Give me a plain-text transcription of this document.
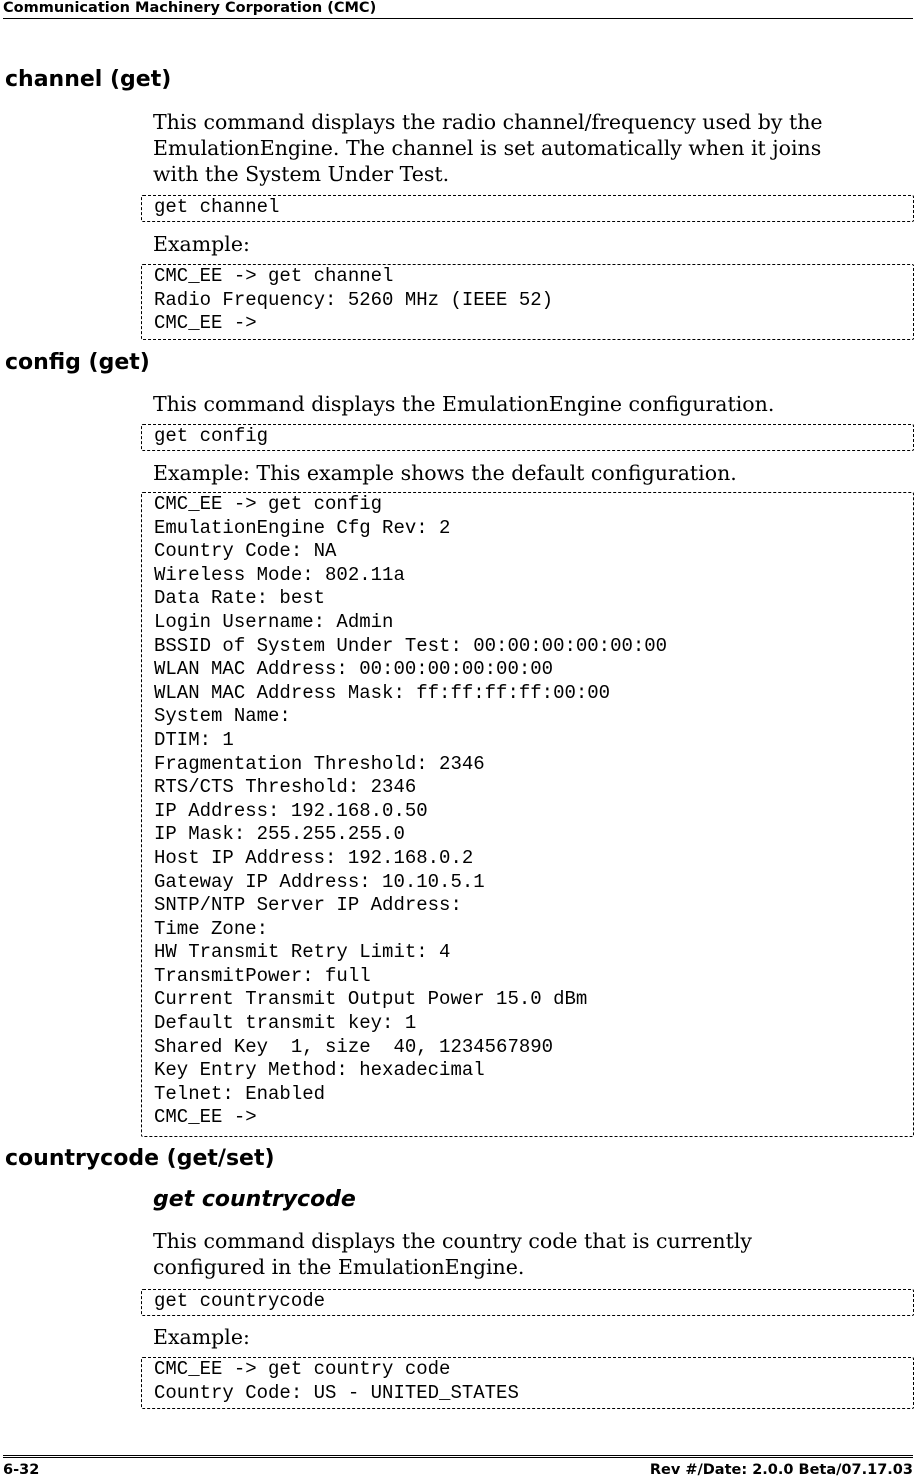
Communication Machinery Corporation (CMC)
channel (get)
This command displays the radio channel/frequency used by the
EmulationEngine. The channel is set automatically when it joins
with the System Under Test.
get channel
Example:
CMC_EE -> get channel
Radio Frequency: 5260 MHz (IEEE 52)
CMC_EE ->
config (get)
This command displays the EmulationEngine configuration.
get config
Example: This example shows the default configuration.
CMC_EE -> get config
EmulationEngine Cfg Rev: 2
Country Code: NA
Wireless Mode: 802.11a
Data Rate: best
Login Username: Admin
BSSID of System Under Test: 00:00:00:00:00:00
WLAN MAC Address: 00:00:00:00:00:00
WLAN MAC Address Mask: ff:ff:ff:ff:00:00
System Name:
DTIM: 1
Fragmentation Threshold: 2346
RTS/CTS Threshold: 2346
IP Address: 192.168.0.50
IP Mask: 255.255.255.0
Host IP Address: 192.168.0.2
Gateway IP Address: 10.10.5.1
SNTP/NTP Server IP Address:
Time Zone:
HW Transmit Retry Limit: 4
TransmitPower: full
Current Transmit Output Power 15.0 dBm
Default transmit key: 1
Shared Key  1, size  40, 1234567890
Key Entry Method: hexadecimal
Telnet: Enabled
CMC_EE ->
countrycode (get/set)
get countrycode
This command displays the country code that is currently
configured in the EmulationEngine.
get countrycode
Example:
CMC_EE -> get country code
Country Code: US - UNITED_STATES
6-32	Rev #/Date: 2.0.0 Beta/07.17.03
